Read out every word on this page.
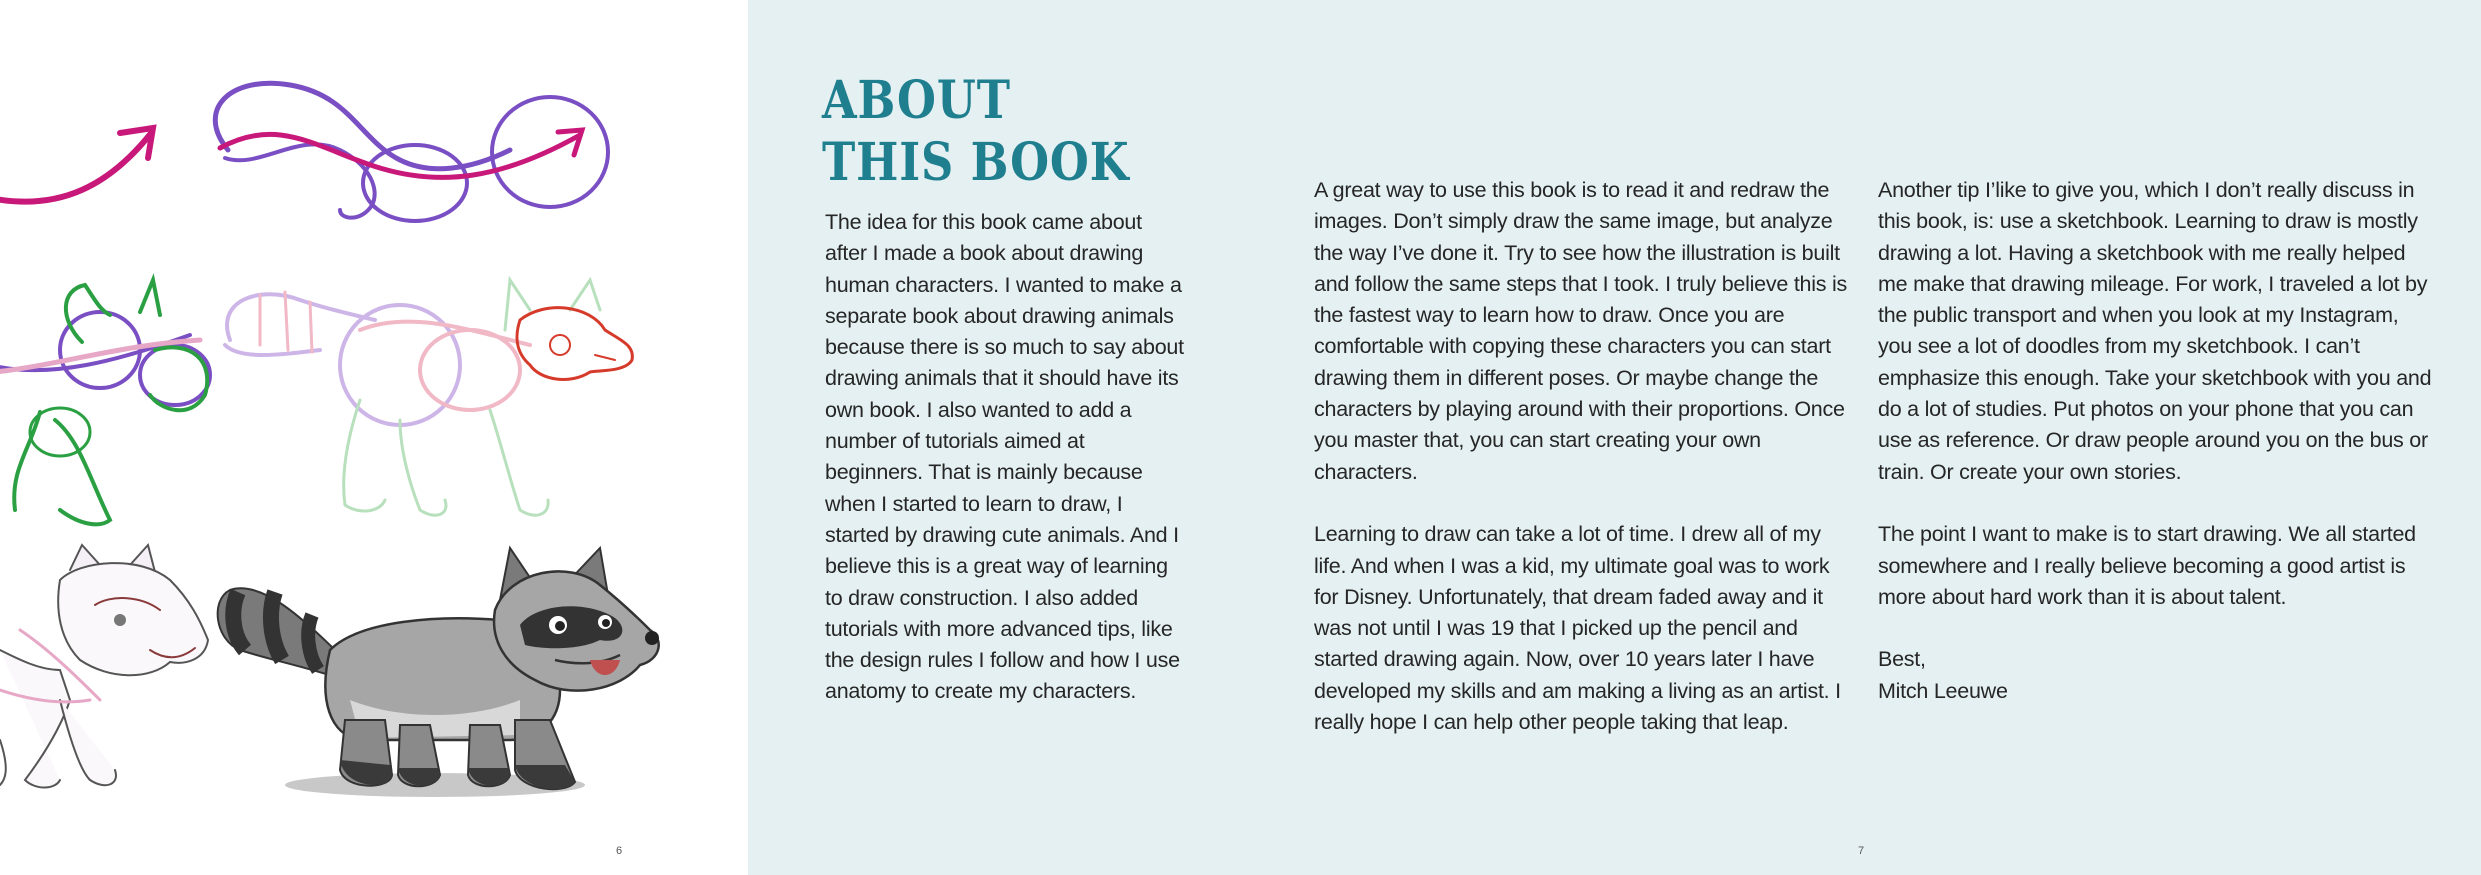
6
ABOUT
THIS BOOK

The idea for this book came about after I made a book about drawing human characters. I wanted to make a separate book about drawing animals because there is so much to say about drawing animals that it should have its own book. I also wanted to add a number of tutorials aimed at beginners. That is mainly because when I started to learn to draw, I started by drawing cute animals. And I believe this is a great way of learning to draw construction. I also added tutorials with more advanced tips, like the design rules I follow and how I use anatomy to create my characters.

A great way to use this book is to read it and redraw the images. Don’t simply draw the same image, but analyze the way I’ve done it. Try to see how the illustration is built and follow the same steps that I took. I truly believe this is the fastest way to learn how to draw. Once you are comfortable with copying these characters you can start drawing them in different poses. Or maybe change the characters by playing around with their proportions. Once you master that, you can start creating your own characters.

Learning to draw can take a lot of time. I drew all of my life. And when I was a kid, my ultimate goal was to work for Disney. Unfortunately, that dream faded away and it was not until I was 19 that I picked up the pencil and started drawing again. Now, over 10 years later I have developed my skills and am making a living as an artist. I really hope I can help other people taking that leap.

Another tip I’like to give you, which I don’t really discuss in this book, is: use a sketchbook. Learning to draw is mostly drawing a lot. Having a sketchbook with me really helped me make that drawing mileage. For work, I traveled a lot by the public transport and when you look at my Instagram, you see a lot of doodles from my sketchbook. I can’t emphasize this enough. Take your sketchbook with you and do a lot of studies. Put photos on your phone that you can use as reference. Or draw people around you on the bus or train. Or create your own stories.

The point I want to make is to start drawing. We all started somewhere and I really believe becoming a good artist is more about hard work than it is about talent.

Best,
Mitch Leeuwe

7
